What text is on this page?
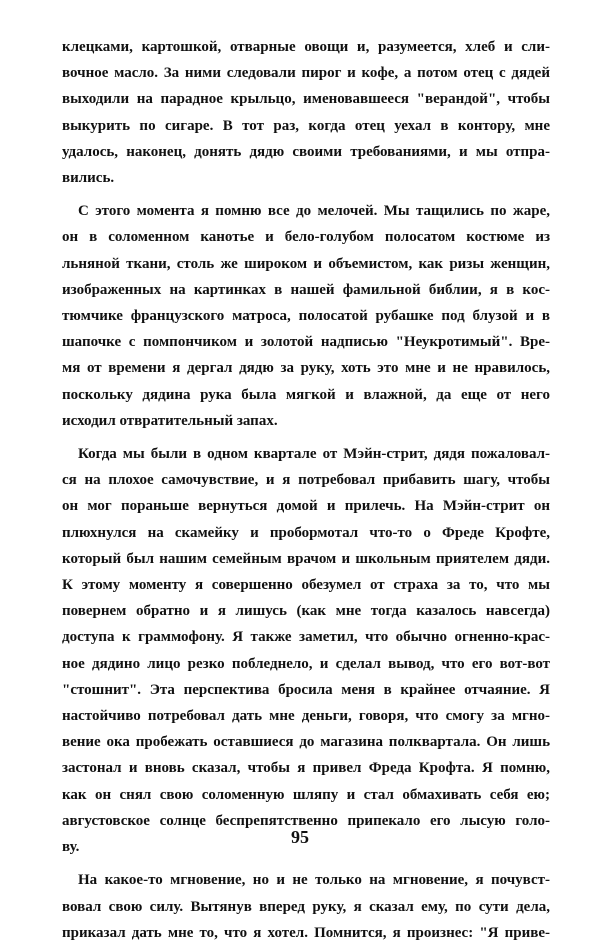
клецками, картошкой, отварные овощи и, разумеется, хлеб и сли-
вочное масло. За ними следовали пирог и кофе, а потом отец с дядей
выходили на парадное крыльцо, именовавшееся "верандой", чтобы
выкурить по сигаре. В тот раз, когда отец уехал в контору, мне
удалось, наконец, донять дядю своими требованиями, и мы отпра-
вились.
С этого момента я помню все до мелочей. Мы тащились по жаре,
он в соломенном канотье и бело-голубом полосатом костюме из
льняной ткани, столь же широком и объемистом, как ризы женщин,
изображенных на картинках в нашей фамильной библии, я в кос-
тюмчике французского матроса, полосатой рубашке под блузой и в
шапочке с помпончиком и золотой надписью "Неукротимый". Вре-
мя от времени я дергал дядю за руку, хоть это мне и не нравилось,
поскольку дядина рука была мягкой и влажной, да еще от него
исходил отвратительный запах.
Когда мы были в одном квартале от Мэйн-стрит, дядя пожаловал-
ся на плохое самочувствие, и я потребовал прибавить шагу, чтобы
он мог пораньше вернуться домой и прилечь. На Мэйн-стрит он
плюхнулся на скамейку и пробормотал что-то о Фреде Крофте,
который был нашим семейным врачом и школьным приятелем дяди.
К этому моменту я совершенно обезумел от страха за то, что мы
повернем обратно и я лишусь (как мне тогда казалось навсегда)
доступа к граммофону. Я также заметил, что обычно огненно-крас-
ное дядино лицо резко побледнело, и сделал вывод, что его вот-вот
"стошнит". Эта перспектива бросила меня в крайнее отчаяние. Я
настойчиво потребовал дать мне деньги, говоря, что смогу за мгно-
вение ока пробежать оставшиеся до магазина полквартала. Он лишь
застонал и вновь сказал, чтобы я привел Фреда Крофта. Я помню,
как он снял свою соломенную шляпу и стал обмахивать себя ею;
августовское солнце беспрепятственно припекало его лысую голо-
ву.
На какое-то мгновение, но и не только на мгновение, я почувст-
вовал свою силу. Вытянув вперед руку, я сказал ему, по сути дела,
приказал дать мне то, что я хотел. Помнится, я произнес: "Я приве-
95
